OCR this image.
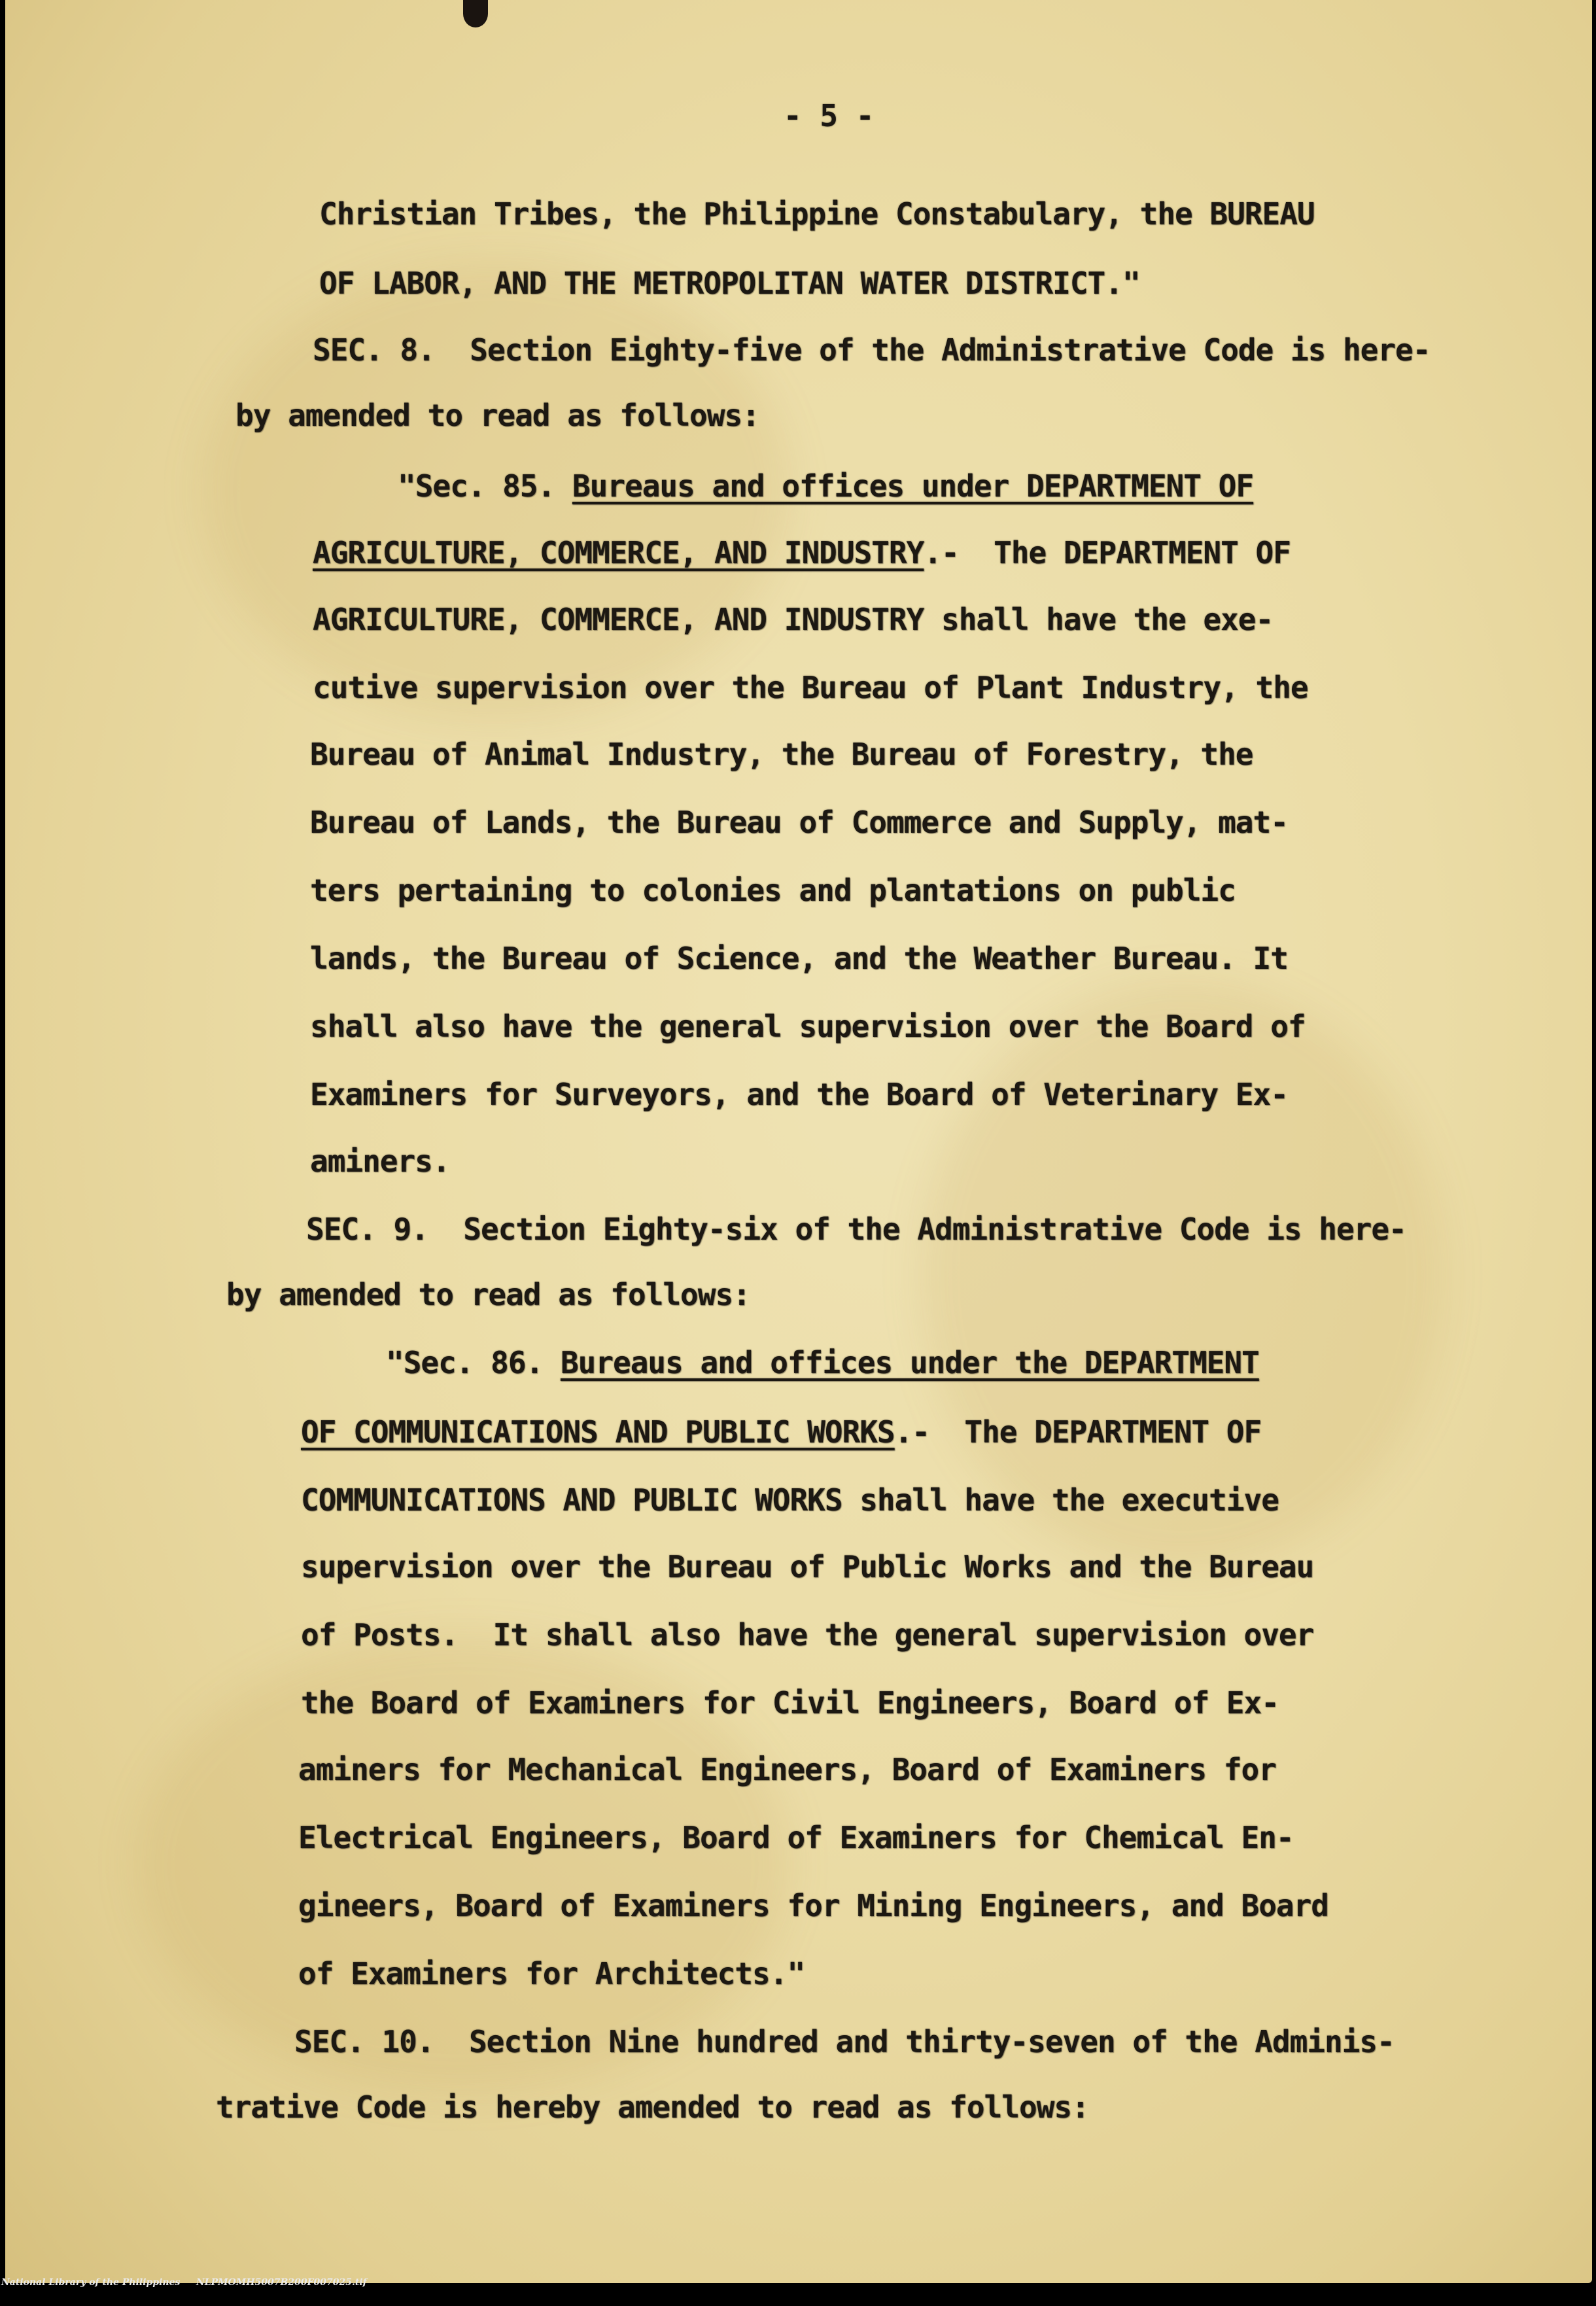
- 5 -
Christian Tribes, the Philippine Constabulary, the BUREAU
OF LABOR, AND THE METROPOLITAN WATER DISTRICT."
SEC. 8.  Section Eighty-five of the Administrative Code is here-
by amended to read as follows:
"Sec. 85. Bureaus and offices under DEPARTMENT OF
AGRICULTURE, COMMERCE, AND INDUSTRY.-  The DEPARTMENT OF
AGRICULTURE, COMMERCE, AND INDUSTRY shall have the exe-
cutive supervision over the Bureau of Plant Industry, the
Bureau of Animal Industry, the Bureau of Forestry, the
Bureau of Lands, the Bureau of Commerce and Supply, mat-
ters pertaining to colonies and plantations on public
lands, the Bureau of Science, and the Weather Bureau. It
shall also have the general supervision over the Board of
Examiners for Surveyors, and the Board of Veterinary Ex-
aminers.
SEC. 9.  Section Eighty-six of the Administrative Code is here-
by amended to read as follows:
"Sec. 86. Bureaus and offices under the DEPARTMENT
OF COMMUNICATIONS AND PUBLIC WORKS.-  The DEPARTMENT OF
COMMUNICATIONS AND PUBLIC WORKS shall have the executive
supervision over the Bureau of Public Works and the Bureau
of Posts.  It shall also have the general supervision over
the Board of Examiners for Civil Engineers, Board of Ex-
aminers for Mechanical Engineers, Board of Examiners for
Electrical Engineers, Board of Examiners for Chemical En-
gineers, Board of Examiners for Mining Engineers, and Board
of Examiners for Architects."
SEC. 10.  Section Nine hundred and thirty-seven of the Adminis-
trative Code is hereby amended to read as follows:

National Library of the Philippines

NLPMOMH5007B200F007025.tif
